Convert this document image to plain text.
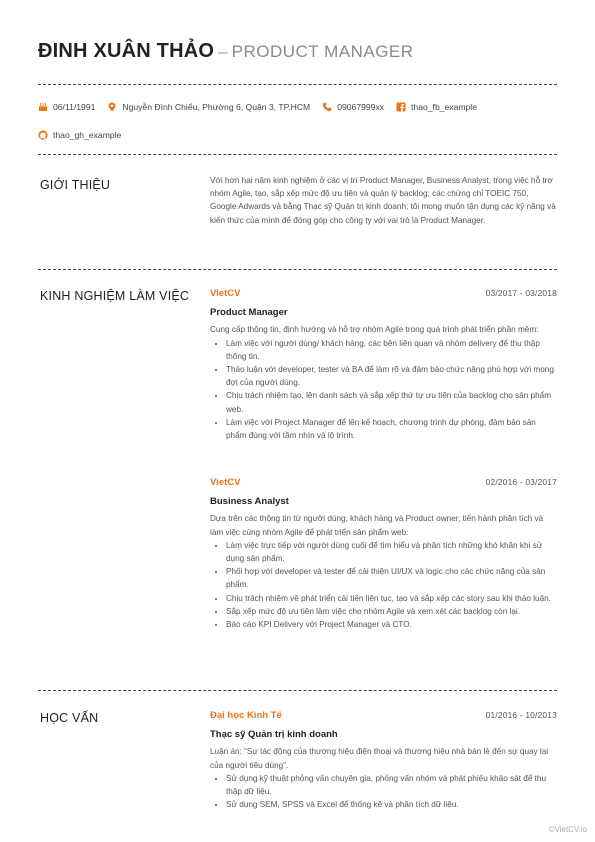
ĐINH XUÂN THẢO – PRODUCT MANAGER
06/11/1991	Nguyễn Đình Chiểu, Phường 6, Quận 3, TP.HCM	09067999xx	thao_fb_example
thao_gh_example
GIỚI THIỆU	Với hơn hai năm kinh nghiệm ở các vị trí Product Manager, Business Analyst, trong việc hỗ trợ nhóm Agile, tạo, sắp xếp mức độ ưu tiên và quản lý backlog; các chứng chỉ TOEIC 750, Google Adwards và bằng Thạc sỹ Quản trị kinh doanh; tôi mong muốn tận dụng các kỹ năng và kiến thức của mình để đóng góp cho công ty với vai trò là Product Manager.

KINH NGHIỆM LÀM VIỆC VietCV	03/2017 - 03/2018
Product Manager

Cung cấp thông tin, định hướng và hỗ trợ nhóm Agile trong quá trình phát triển phần mềm:

• Làm việc với người dùng/ khách hàng, các bên liên quan và nhóm delivery để thu thập thông tin.
• Thảo luận với developer, tester và BA để làm rõ và đảm bảo chức năng phù hợp với mong đợi của người dùng.
• Chịu trách nhiệm tạo, lên danh sách và sắp xếp thứ tự ưu tiên của backlog cho sản phẩm web.
• Làm việc với Project Manager để lên kế hoạch, chương trình dự phòng, đảm bảo sản phẩm đúng với tầm nhìn và lộ trình.
VietCV	02/2016 - 03/2017
Business Analyst

Dựa trên các thông tin từ người dùng, khách hàng và Product owner, tiến hành phân tích và làm việc cùng nhóm Agile để phát triển sản phẩm web:

• Làm việc trực tiếp với người dùng cuối để tìm hiểu và phân tích những khó khăn khi sử dụng sản phẩm.
• Phối hợp với developer và tester để cải thiện UI/UX và logic cho các chức năng của sản phẩm.
• Chịu trách nhiệm về phát triển cải tiến liên tục, tạo và sắp xếp các story sau khi thảo luận.
• Sắp xếp mức độ ưu tiên làm việc cho nhóm Agile và xem xét các backlog còn lại.
• Báo cáo KPI Delivery với Project Manager và CTO.
HỌC VẤN	Đại học Kinh Tế	01/2016 - 10/2013
Thạc sỹ Quản trị kinh doanh

Luận án: “Sự tác động của thương hiệu điện thoại và thương hiệu nhà bán lẻ đến sự quay lại của người tiêu dùng”.

• Sử dụng kỹ thuật phỏng vấn chuyên gia, phỏng vấn nhóm và phát phiếu khảo sát để thu thập dữ liệu.
• Sử dụng SEM, SPSS và Excel để thống kê và phân tích dữ liệu.
©VietCV.io
